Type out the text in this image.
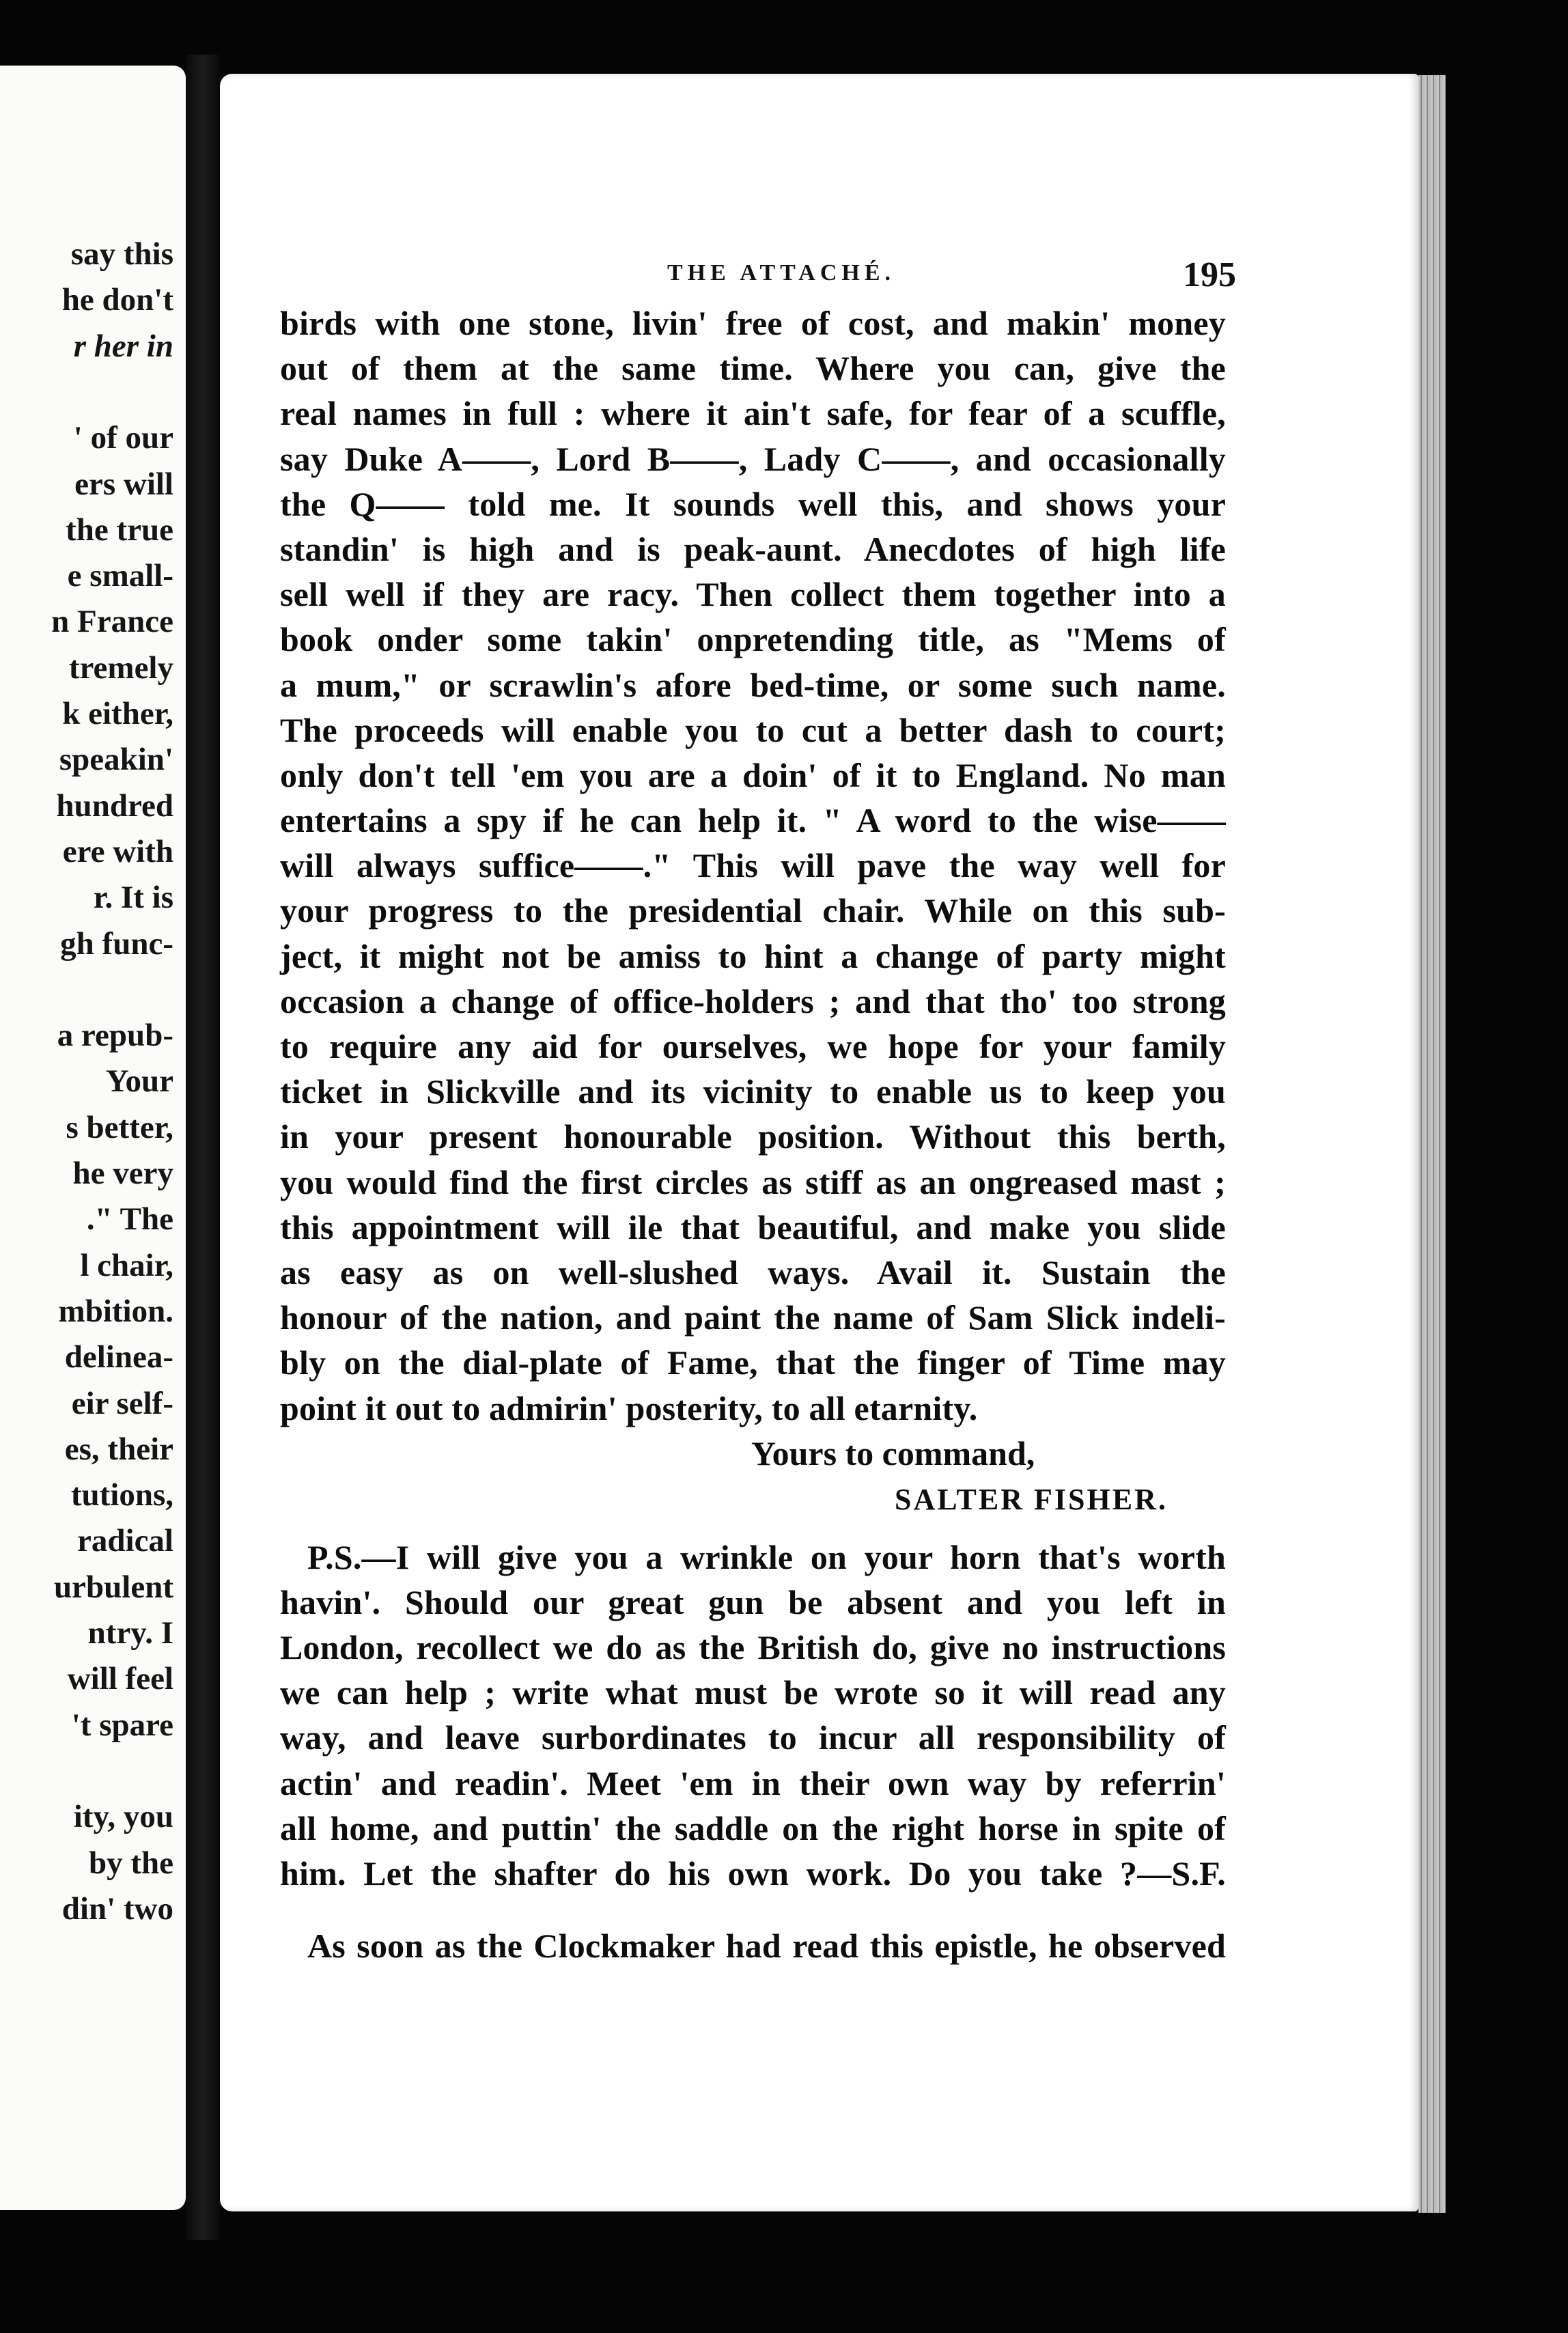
say this
he don't
r her in
' of our
ers will
the true
e small-
n France
tremely
k either,
speakin'
hundred
ere with
r. It is
gh func-
a repub-
Your
s better,
he very
." The
l chair,
mbition.
delinea-
eir self-
es, their
tutions,
radical
urbulent
ntry. I
will feel
't spare
ity, you
by the
din' two
THE ATTACHÉ.	195
birds with one stone, livin' free of cost, and makin' money
out of them at the same time. Where you can, give the
real names in full : where it ain't safe, for fear of a scuffle,
say Duke A——, Lord B——, Lady C——, and occasionally
the Q—— told me. It sounds well this, and shows your
standin' is high and is peak-aunt. Anecdotes of high life
sell well if they are racy. Then collect them together into a
book onder some takin' onpretending title, as "Mems of
a mum," or scrawlin's afore bed-time, or some such name.
The proceeds will enable you to cut a better dash to court;
only don't tell 'em you are a doin' of it to England. No man
entertains a spy if he can help it. " A word to the wise——
will always suffice——." This will pave the way well for
your progress to the presidential chair. While on this sub-
ject, it might not be amiss to hint a change of party might
occasion a change of office-holders ; and that tho' too strong
to require any aid for ourselves, we hope for your family
ticket in Slickville and its vicinity to enable us to keep you
in your present honourable position. Without this berth,
you would find the first circles as stiff as an ongreased mast ;
this appointment will ile that beautiful, and make you slide
as easy as on well-slushed ways. Avail it. Sustain the
honour of the nation, and paint the name of Sam Slick indeli-
bly on the dial-plate of Fame, that the finger of Time may
point it out to admirin' posterity, to all etarnity.
Yours to command,
SALTER FISHER.
P.S.—I will give you a wrinkle on your horn that's worth
havin'. Should our great gun be absent and you left in
London, recollect we do as the British do, give no instructions
we can help ; write what must be wrote so it will read any
way, and leave surbordinates to incur all responsibility of
actin' and readin'. Meet 'em in their own way by referrin'
all home, and puttin' the saddle on the right horse in spite of
him. Let the shafter do his own work. Do you take ?—S.F.
As soon as the Clockmaker had read this epistle, he observed
